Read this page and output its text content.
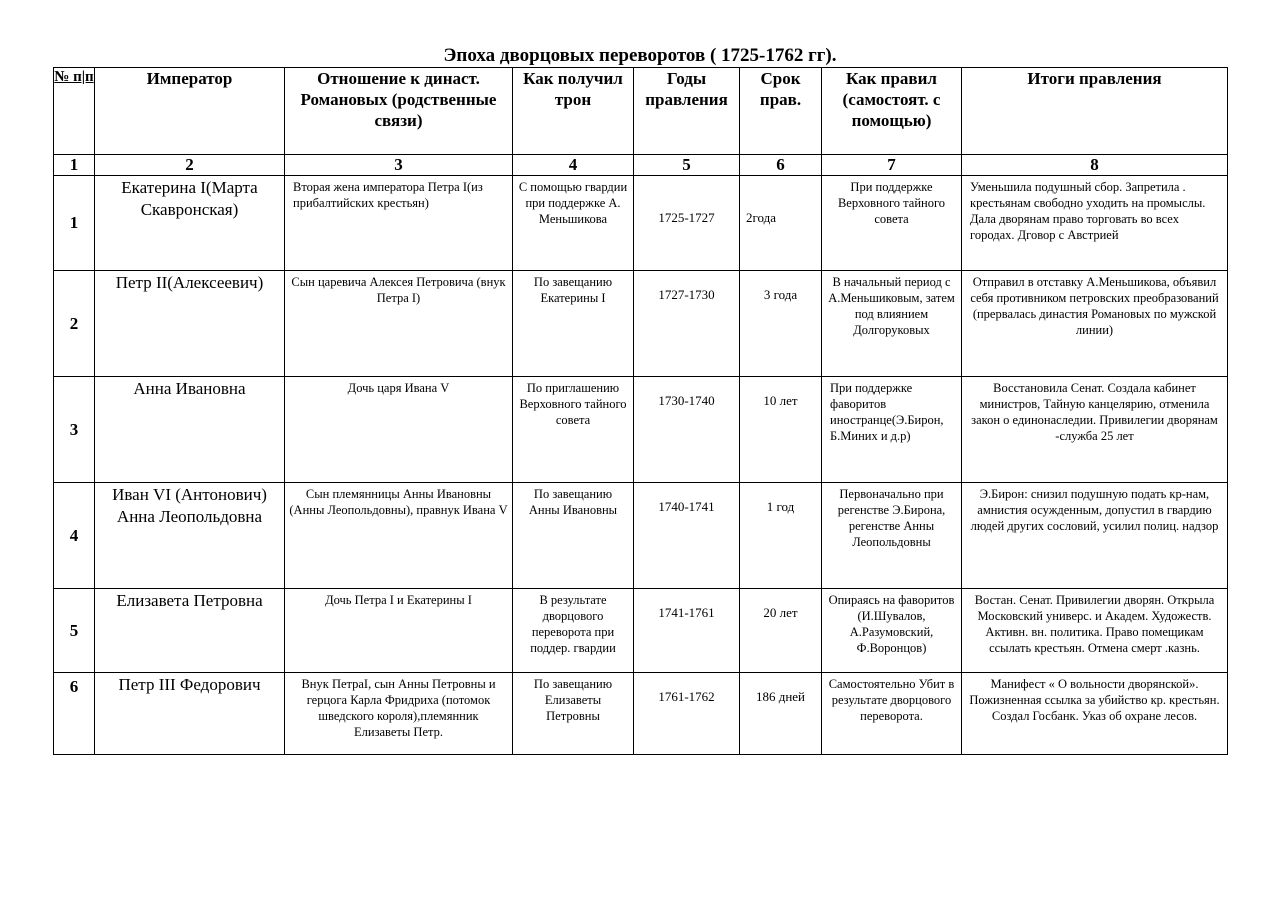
Эпоха дворцовых переворотов ( 1725-1762 гг).
№ п|п	Император	Отношение к династ. Романовых (родственные связи)	Как получил трон	Годы правления	Срок прав.	Как правил (самостоят. с помощью)	Итоги правления
1	2	3	4	5	6	7	8
1	Екатерина I(Марта Скавронская)	Вторая жена императора Петра I(из прибалтийских крестьян)	С помощью гвардии при поддержке А. Меньшикова	1725-1727	2года	При поддержке Верховного тайного совета	Уменьшила подушный сбор. Запретила . крестьянам свободно уходить на промыслы. Дала дворянам право торговать во всех городах. Дговор с Австрией
2	Петр II(Алексеевич)	Сын царевича Алексея Петровича (внук Петра I)	По завещанию Екатерины I	1727-1730	3 года	В начальный период с А.Меньшиковым, затем под влиянием Долгоруковых	Отправил в отставку А.Меньшикова, объявил себя противником петровских преобразований (прервалась династия Романовых по мужской линии)
3	Анна Ивановна	Дочь царя Ивана V	По приглашению Верховного тайного совета	1730-1740	10 лет	При поддержке фаворитов иностранце(Э.Бирон, Б.Миних и д.р)	Восстановила Сенат. Создала кабинет министров, Тайную канцелярию, отменила закон о единонаследии. Привилегии дворянам -служба 25 лет
4	Иван VI (Антонович) Анна Леопольдовна	Сын племянницы Анны Ивановны (Анны Леопольдовны), правнук Ивана V	По завещанию Анны Ивановны	1740-1741	1 год	Первоначально при регенстве Э.Бирона, регенстве Анны Леопольдовны	Э.Бирон: снизил подушную подать кр-нам, амнистия осужденным, допустил в гвардию людей других сословий, усилил полиц. надзор
5	Елизавета Петровна	Дочь Петра I и Екатерины I	В результате дворцового переворота при поддер. гвардии	1741-1761	20 лет	Опираясь на фаворитов (И.Шувалов, А.Разумовский, Ф.Воронцов)	Востан. Сенат. Привилегии дворян. Открыла Московский универс. и Академ. Художеств. Активн. вн. политика. Право помещикам ссылать крестьян. Отмена смерт .казнь.
6	Петр III Федорович	Внук ПетраI, сын Анны Петровны и герцога Карла Фридриха (потомок шведского короля),племянник Елизаветы Петр.	По завещанию Елизаветы Петровны	1761-1762	186 дней	Самостоятельно Убит в результате дворцового переворота.	Манифест « О вольности дворянской». Пожизненная ссылка за убийство кр. крестьян. Создал Госбанк. Указ об охране лесов.
